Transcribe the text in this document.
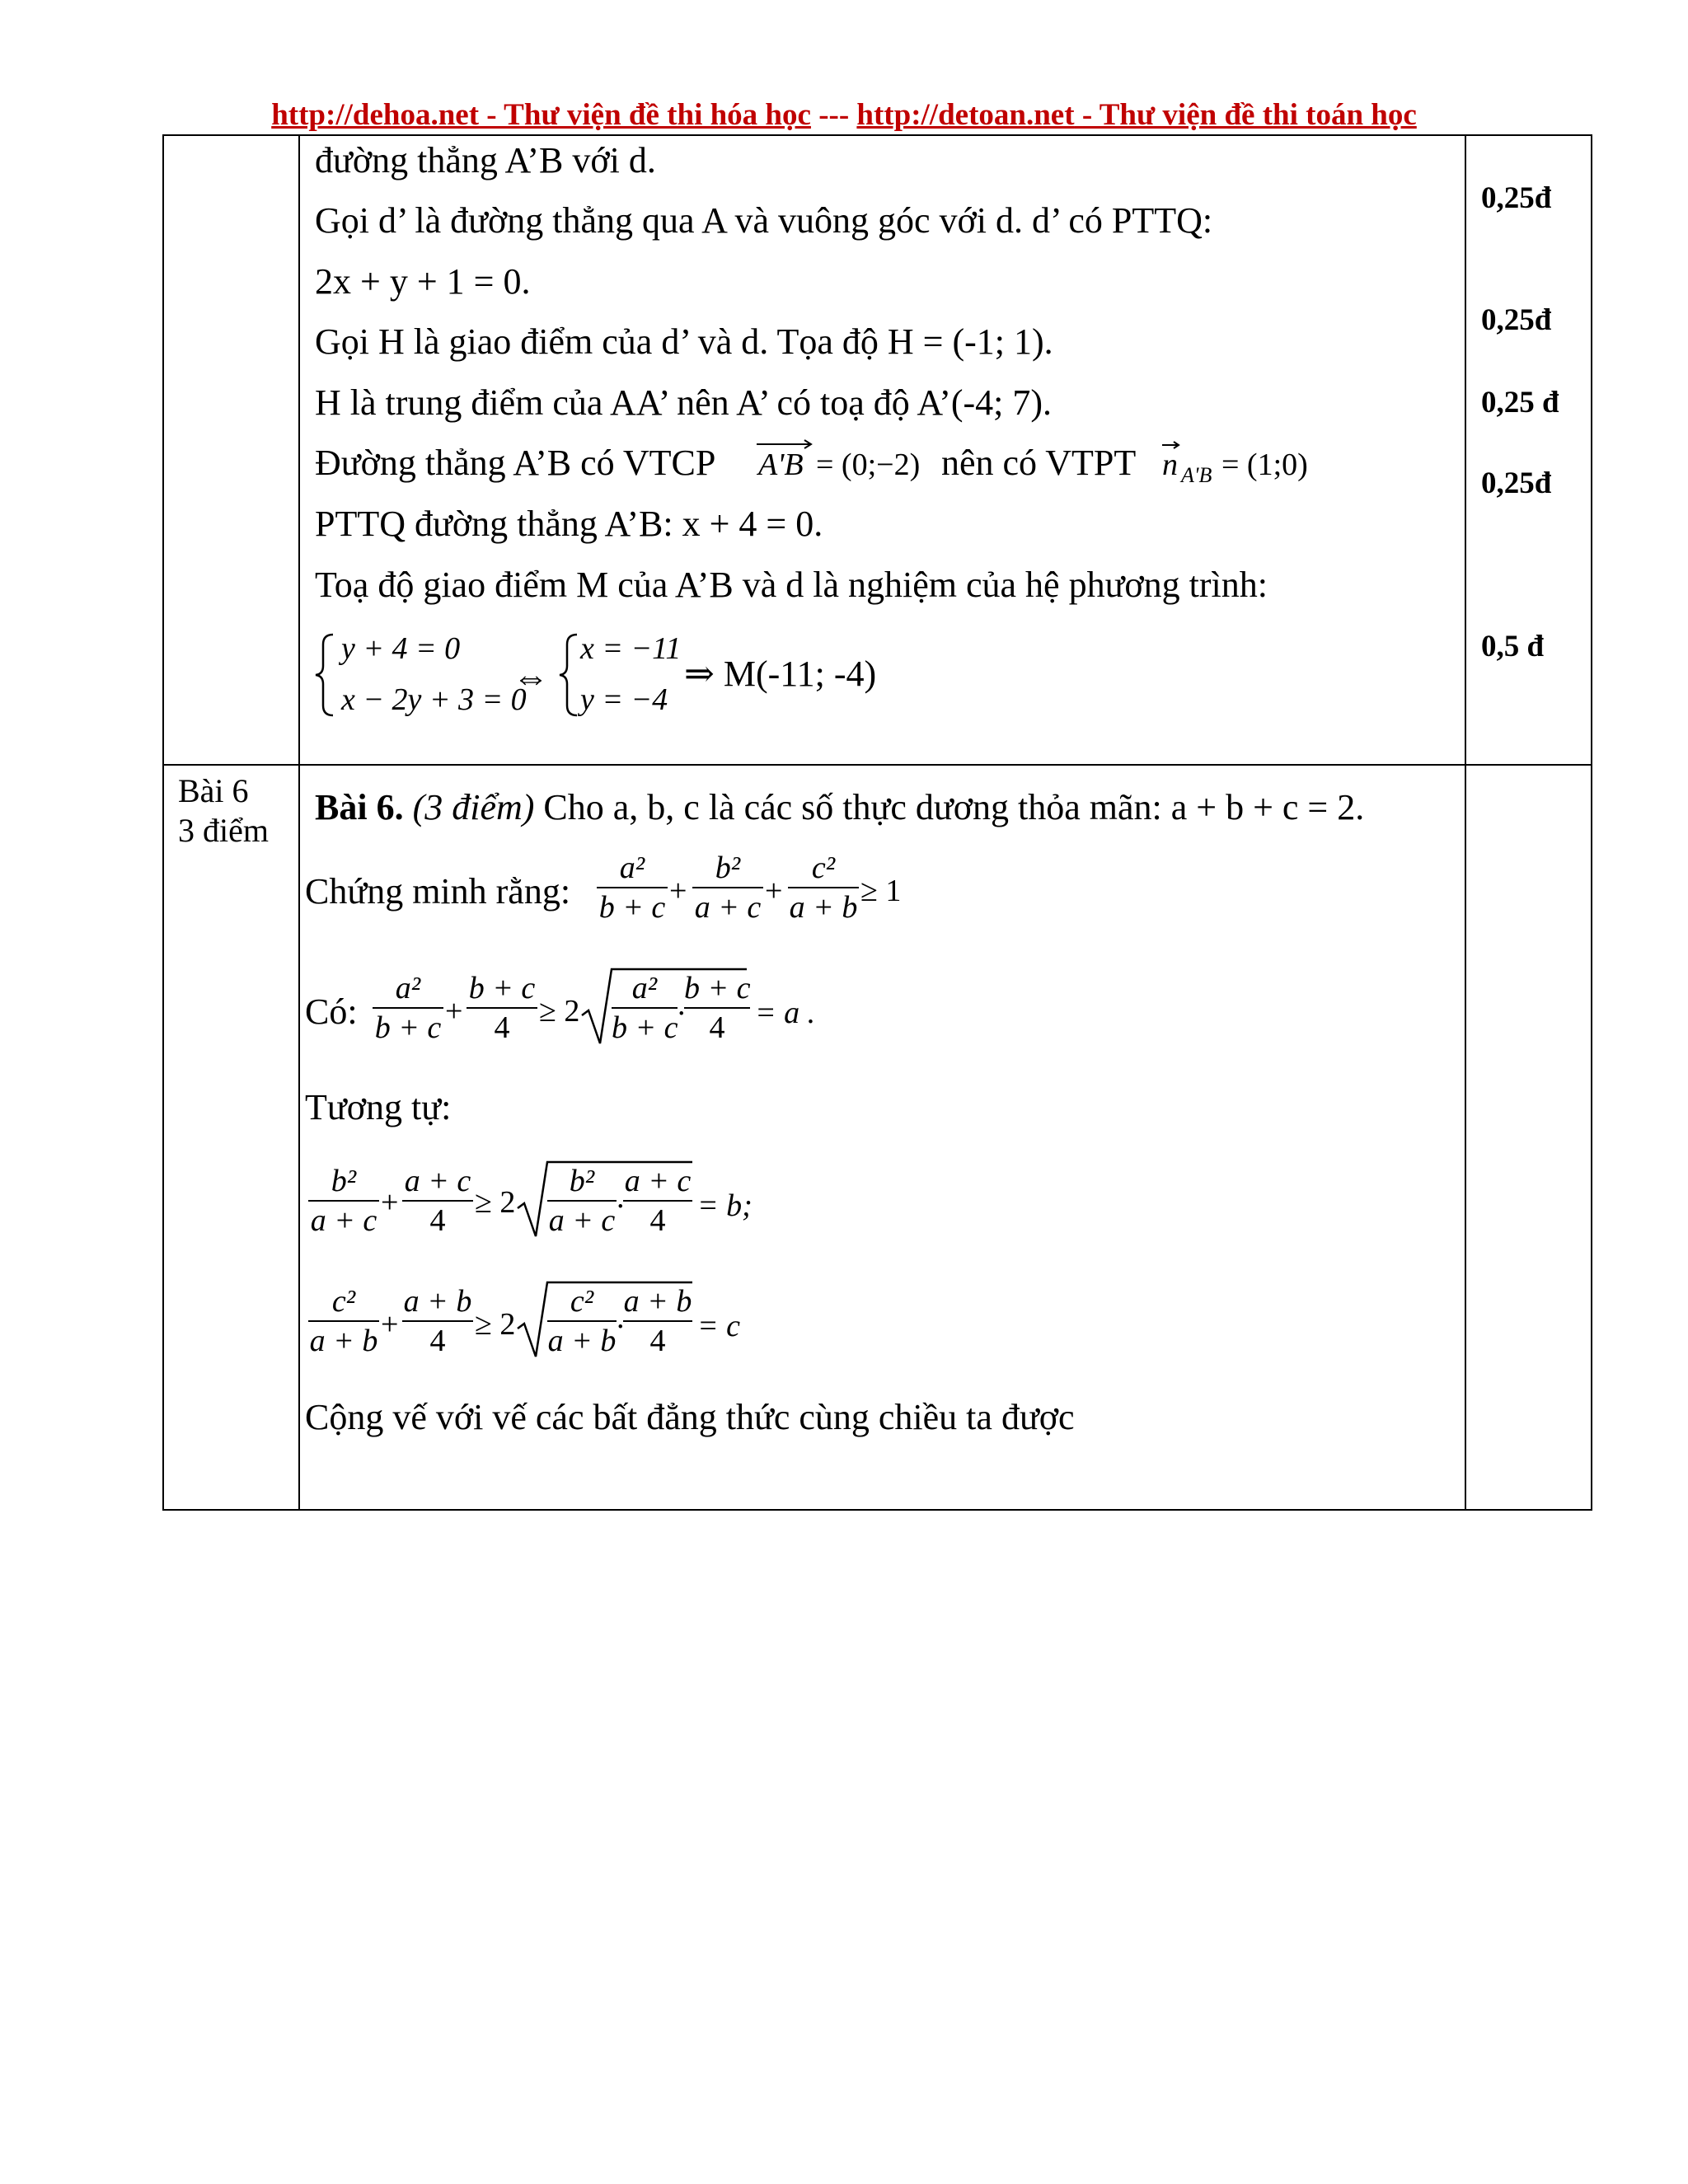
http://dehoa.net - Thư viện đề thi hóa học --- http://detoan.net - Thư viện đề thi toán học
đường thẳng A’B với d.
Gọi d’ là đường thẳng qua A và vuông góc với d. d’ có PTTQ:
2x + y + 1 = 0.
Gọi H là giao điểm của d’ và d. Tọa độ H = (-1; 1).
H là trung điểm của AA’ nên A’ có toạ độ A’(-4; 7).
Đường thẳng A’B có VTCP A'B = (0;−2) nên có VTPT n A'B = (1;0)
PTTQ đường thẳng A’B: x + 4 = 0.
Toạ độ giao điểm M của A’B và d là nghiệm của hệ phương trình:
y + 4 = 0
x − 2y + 3 = 0
⇔
x = −11
y = −4
⇒ M(-11; -4)
0,25đ
0,25đ
0,25 đ
0,25đ
0,5 đ
Bài 6
3 điểm
Bài 6. (3 điểm) Cho a, b, c là các số thực dương thỏa mãn: a + b + c = 2.
Chứng minh rằng:
a²
b + c +
b²
a + c +
c²
a + b ≥ 1
Có:
a²
b + c +
b + c
4 ≥ 2
a²
b + c
.
b + c
4 = a .
Tương tự:
b²
a + c
+
a + c
4
≥ 2
b²
a + c
. a + c
4	= b;
c²
a + b +
a + b
4 ≥ 2
c²
a + b
. a + b
4	= c
Cộng vế với vế các bất đẳng thức cùng chiều ta được
